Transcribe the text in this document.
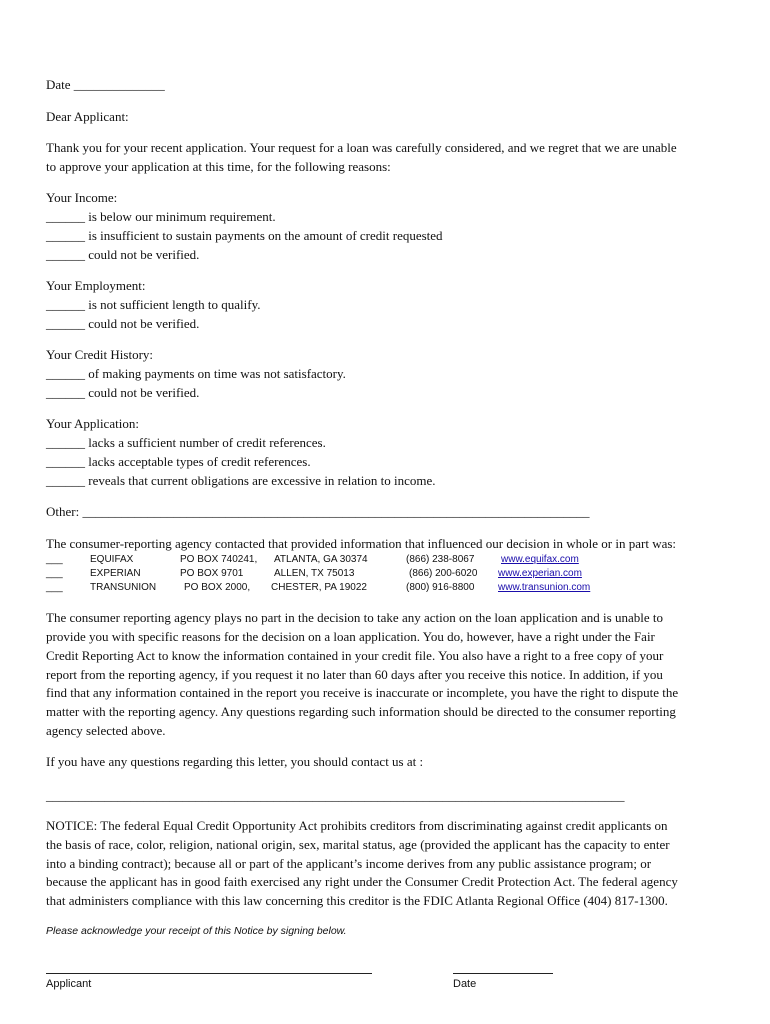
Date ______________
Dear Applicant:
Thank you for your recent application. Your request for a loan was carefully considered, and we regret that we are unable
to approve your application at this time, for the following reasons:
Your Income:
______ is below our minimum requirement.
______ is insufficient to sustain payments on the amount of credit requested
______ could not be verified.
Your Employment:
______ is not sufficient length to qualify.
______ could not be verified.
Your Credit History:
______ of making payments on time was not satisfactory.
______ could not be verified.
Your Application:
______ lacks a sufficient number of credit references.
______ lacks acceptable types of credit references.
______ reveals that current obligations are excessive in relation to income.
Other: ______________________________________________________________________________
The consumer-reporting agency contacted that provided information that influenced our decision in whole or in part was:
___	EQUIFAX	PO BOX 740241, ATLANTA, GA 30374	(866) 238-8067	www.equifax.com
___	EXPERIAN	PO BOX 9701	ALLEN, TX 75013	(866) 200-6020 www.experian.com
___	TRANSUNION	PO BOX 2000, CHESTER, PA 19022	(800) 916-8800 www.transunion.com
The consumer reporting agency plays no part in the decision to take any action on the loan application and is unable to
provide you with specific reasons for the decision on a loan application. You do, however, have a right under the Fair
Credit Reporting Act to know the information contained in your credit file. You also have a right to a free copy of your
report from the reporting agency, if you request it no later than 60 days after you receive this notice. In addition, if you
find that any information contained in the report you receive is inaccurate or incomplete, you have the right to dispute the
matter with the reporting agency. Any questions regarding such information should be directed to the consumer reporting
agency selected above.
If you have any questions regarding this letter, you should contact us at :
_________________________________________________________________________________________
NOTICE: The federal Equal Credit Opportunity Act prohibits creditors from discriminating against credit applicants on
the basis of race, color, religion, national origin, sex, marital status, age (provided the applicant has the capacity to enter
into a binding contract); because all or part of the applicant’s income derives from any public assistance program; or
because the applicant has in good faith exercised any right under the Consumer Credit Protection Act. The federal agency
that administers compliance with this law concerning this creditor is the FDIC Atlanta Regional Office (404) 817-1300.
Please acknowledge your receipt of this Notice by signing below.
Applicant	Date
